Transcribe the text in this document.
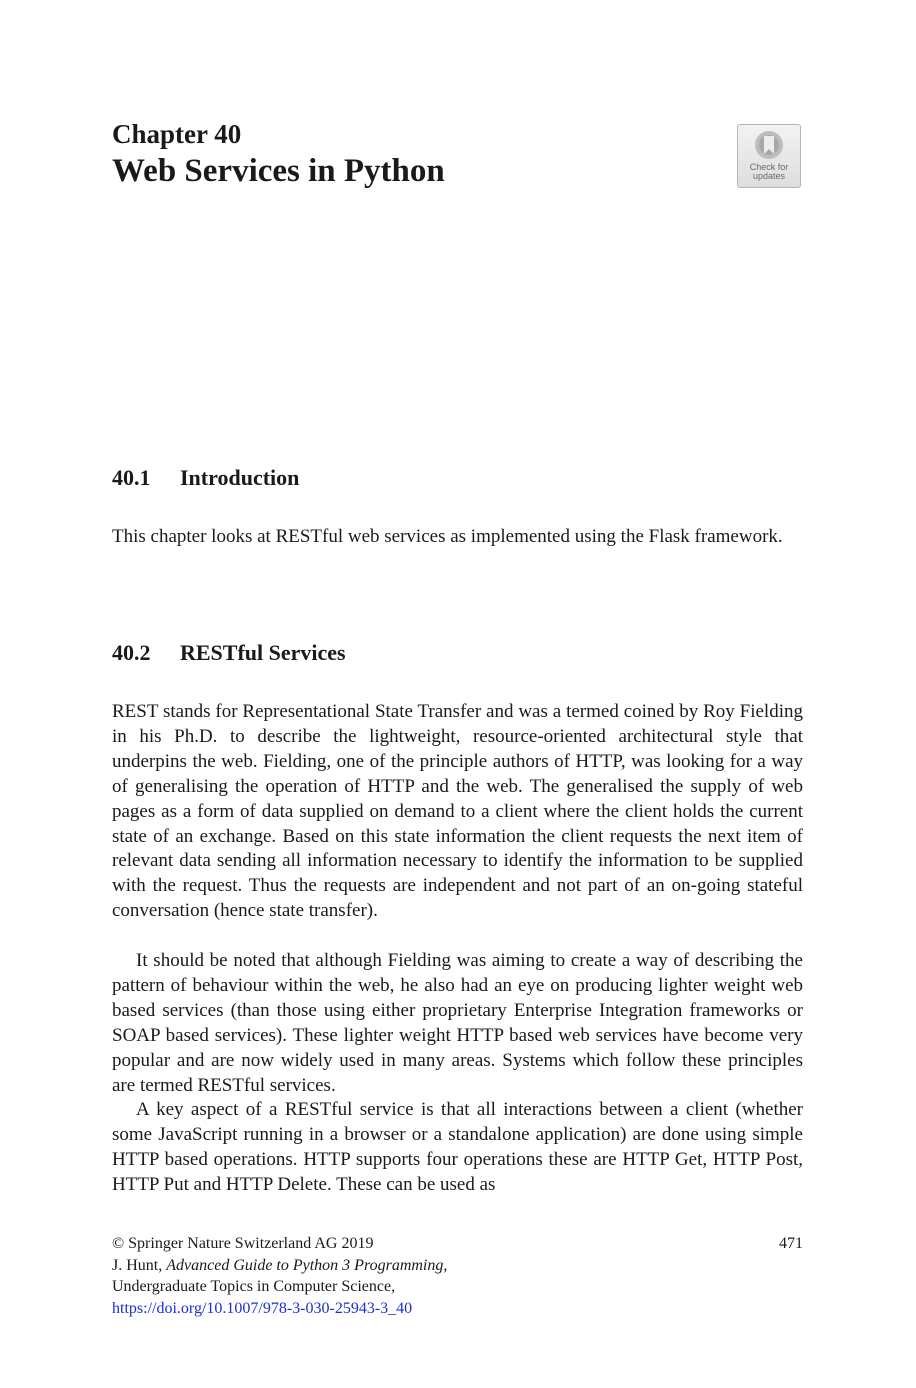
Chapter 40
Web Services in Python	Check for
updates
40.1 Introduction

This chapter looks at RESTful web services as implemented using the Flask framework.

40.2 RESTful Services

REST stands for Representational State Transfer and was a termed coined by Roy Fielding in his Ph.D. to describe the lightweight, resource-oriented architectural style that underpins the web. Fielding, one of the principle authors of HTTP, was looking for a way of generalising the operation of HTTP and the web. The generalised the supply of web pages as a form of data supplied on demand to a client where the client holds the current state of an exchange. Based on this state information the client requests the next item of relevant data sending all information necessary to identify the information to be supplied with the request. Thus the requests are independent and not part of an on-going stateful conversation (hence state transfer).

It should be noted that although Fielding was aiming to create a way of describing the pattern of behaviour within the web, he also had an eye on producing lighter weight web based services (than those using either proprietary Enterprise Integration frameworks or SOAP based services). These lighter weight HTTP based web services have become very popular and are now widely used in many areas. Systems which follow these principles are termed RESTful services.

A key aspect of a RESTful service is that all interactions between a client (whether some JavaScript running in a browser or a standalone application) are done using simple HTTP based operations. HTTP supports four operations these are HTTP Get, HTTP Post, HTTP Put and HTTP Delete. These can be used as

471
© Springer Nature Switzerland AG 2019
J. Hunt, Advanced Guide to Python 3 Programming,
Undergraduate Topics in Computer Science,
https://doi.org/10.1007/978-3-030-25943-3_40
